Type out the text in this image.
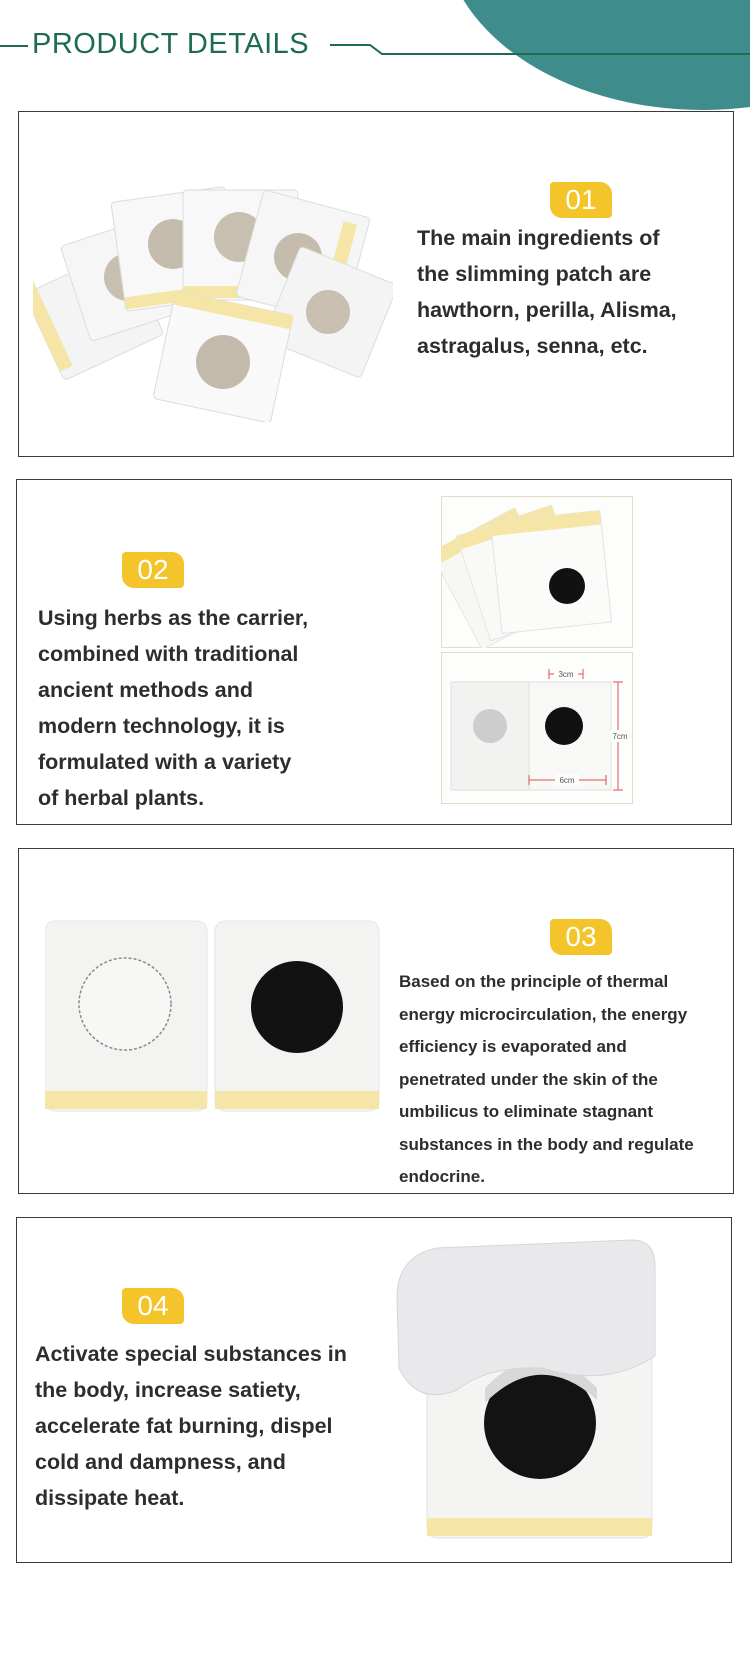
PRODUCT DETAILS
01
The main ingredients of
the slimming patch are
hawthorn, perilla, Alisma,
astragalus, senna, etc.
02
Using herbs as the carrier,
combined with traditional
ancient methods and
modern technology, it is
formulated with a variety
of herbal plants.
3cm
7cm
6cm
03
Based on the principle of thermal
energy microcirculation, the energy
efficiency is evaporated and
penetrated under the skin of the
umbilicus to eliminate stagnant
substances in the body and regulate
endocrine.
04
Activate special substances in
the body, increase satiety,
accelerate fat burning, dispel
cold and dampness, and
dissipate heat.
